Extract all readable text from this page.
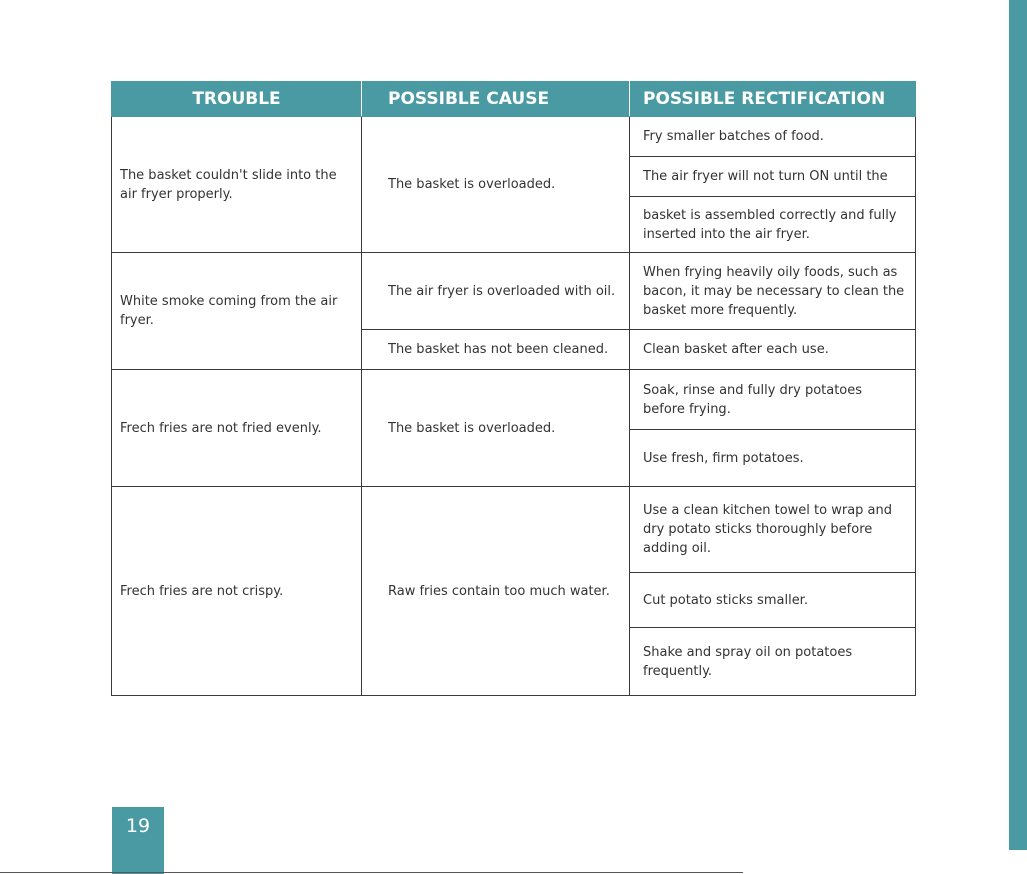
TROUBLE	POSSIBLE CAUSE	POSSIBLE RECTIFICATION
The basket couldn't slide into the air fryer properly.	The basket is overloaded.	Fry smaller batches of food.
		The air fryer will not turn ON until the
		basket is assembled correctly and fully inserted into the air fryer.
White smoke coming from the air fryer.	The air fryer is overloaded with oil.	When frying heavily oily foods, such as bacon, it may be necessary to clean the basket more frequently.
	The basket has not been cleaned.	Clean basket after each use.
Frech fries are not fried evenly.	The basket is overloaded.	Soak, rinse and fully dry potatoes before frying.
		Use fresh, firm potatoes.
Frech fries are not crispy.	Raw fries contain too much water.	Use a clean kitchen towel to wrap and dry potato sticks thoroughly before adding oil.
		Cut potato sticks smaller.
		Shake and spray oil on potatoes frequently.
19
